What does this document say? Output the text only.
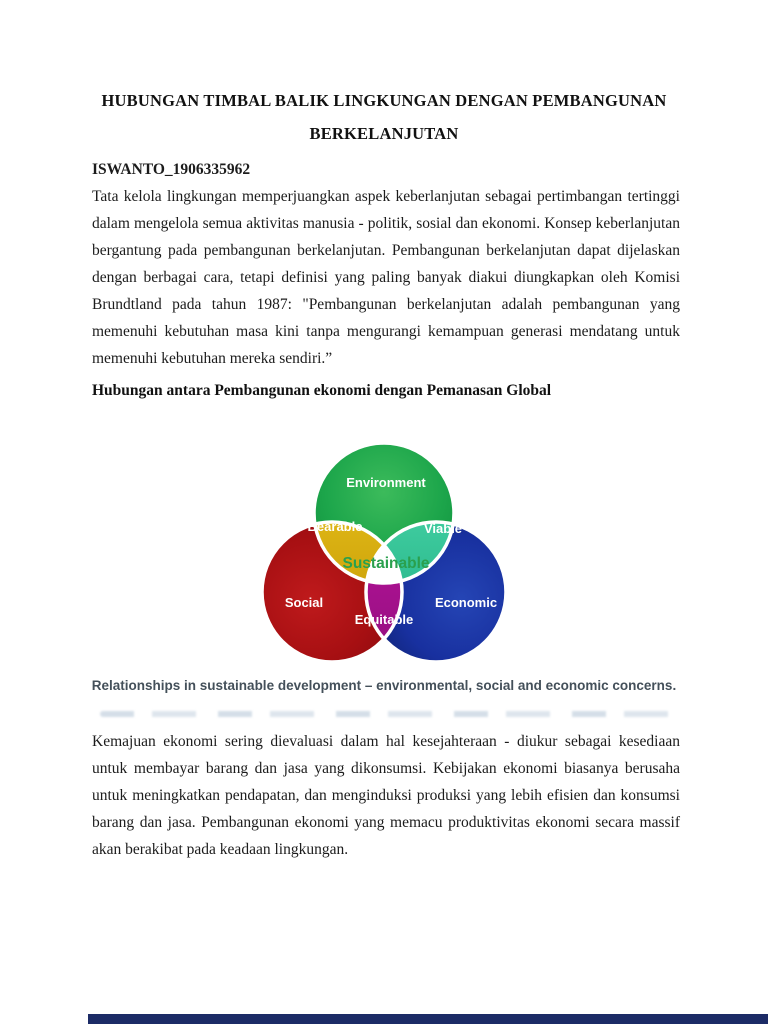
HUBUNGAN TIMBAL BALIK LINGKUNGAN DENGAN PEMBANGUNAN
BERKELANJUTAN
ISWANTO_1906335962
Tata kelola lingkungan memperjuangkan aspek keberlanjutan sebagai pertimbangan tertinggi dalam mengelola semua aktivitas manusia - politik, sosial dan ekonomi. Konsep keberlanjutan bergantung pada pembangunan berkelanjutan. Pembangunan berkelanjutan dapat dijelaskan dengan berbagai cara, tetapi definisi yang paling banyak diakui diungkapkan oleh Komisi Brundtland pada tahun 1987: "Pembangunan berkelanjutan adalah pembangunan yang memenuhi kebutuhan masa kini tanpa mengurangi kemampuan generasi mendatang untuk memenuhi kebutuhan mereka sendiri.”
Hubungan antara Pembangunan ekonomi dengan Pemanasan Global
Environment
Bearable	Viable
Sustainable
Social	Economic
Equitable
Relationships in sustainable development – environmental, social and economic concerns.
Kemajuan ekonomi sering dievaluasi dalam hal kesejahteraan - diukur sebagai kesediaan untuk membayar barang dan jasa yang dikonsumsi. Kebijakan ekonomi biasanya berusaha untuk meningkatkan pendapatan, dan menginduksi produksi yang lebih efisien dan konsumsi barang dan jasa. Pembangunan ekonomi yang memacu produktivitas ekonomi secara massif akan berakibat pada keadaan lingkungan.
